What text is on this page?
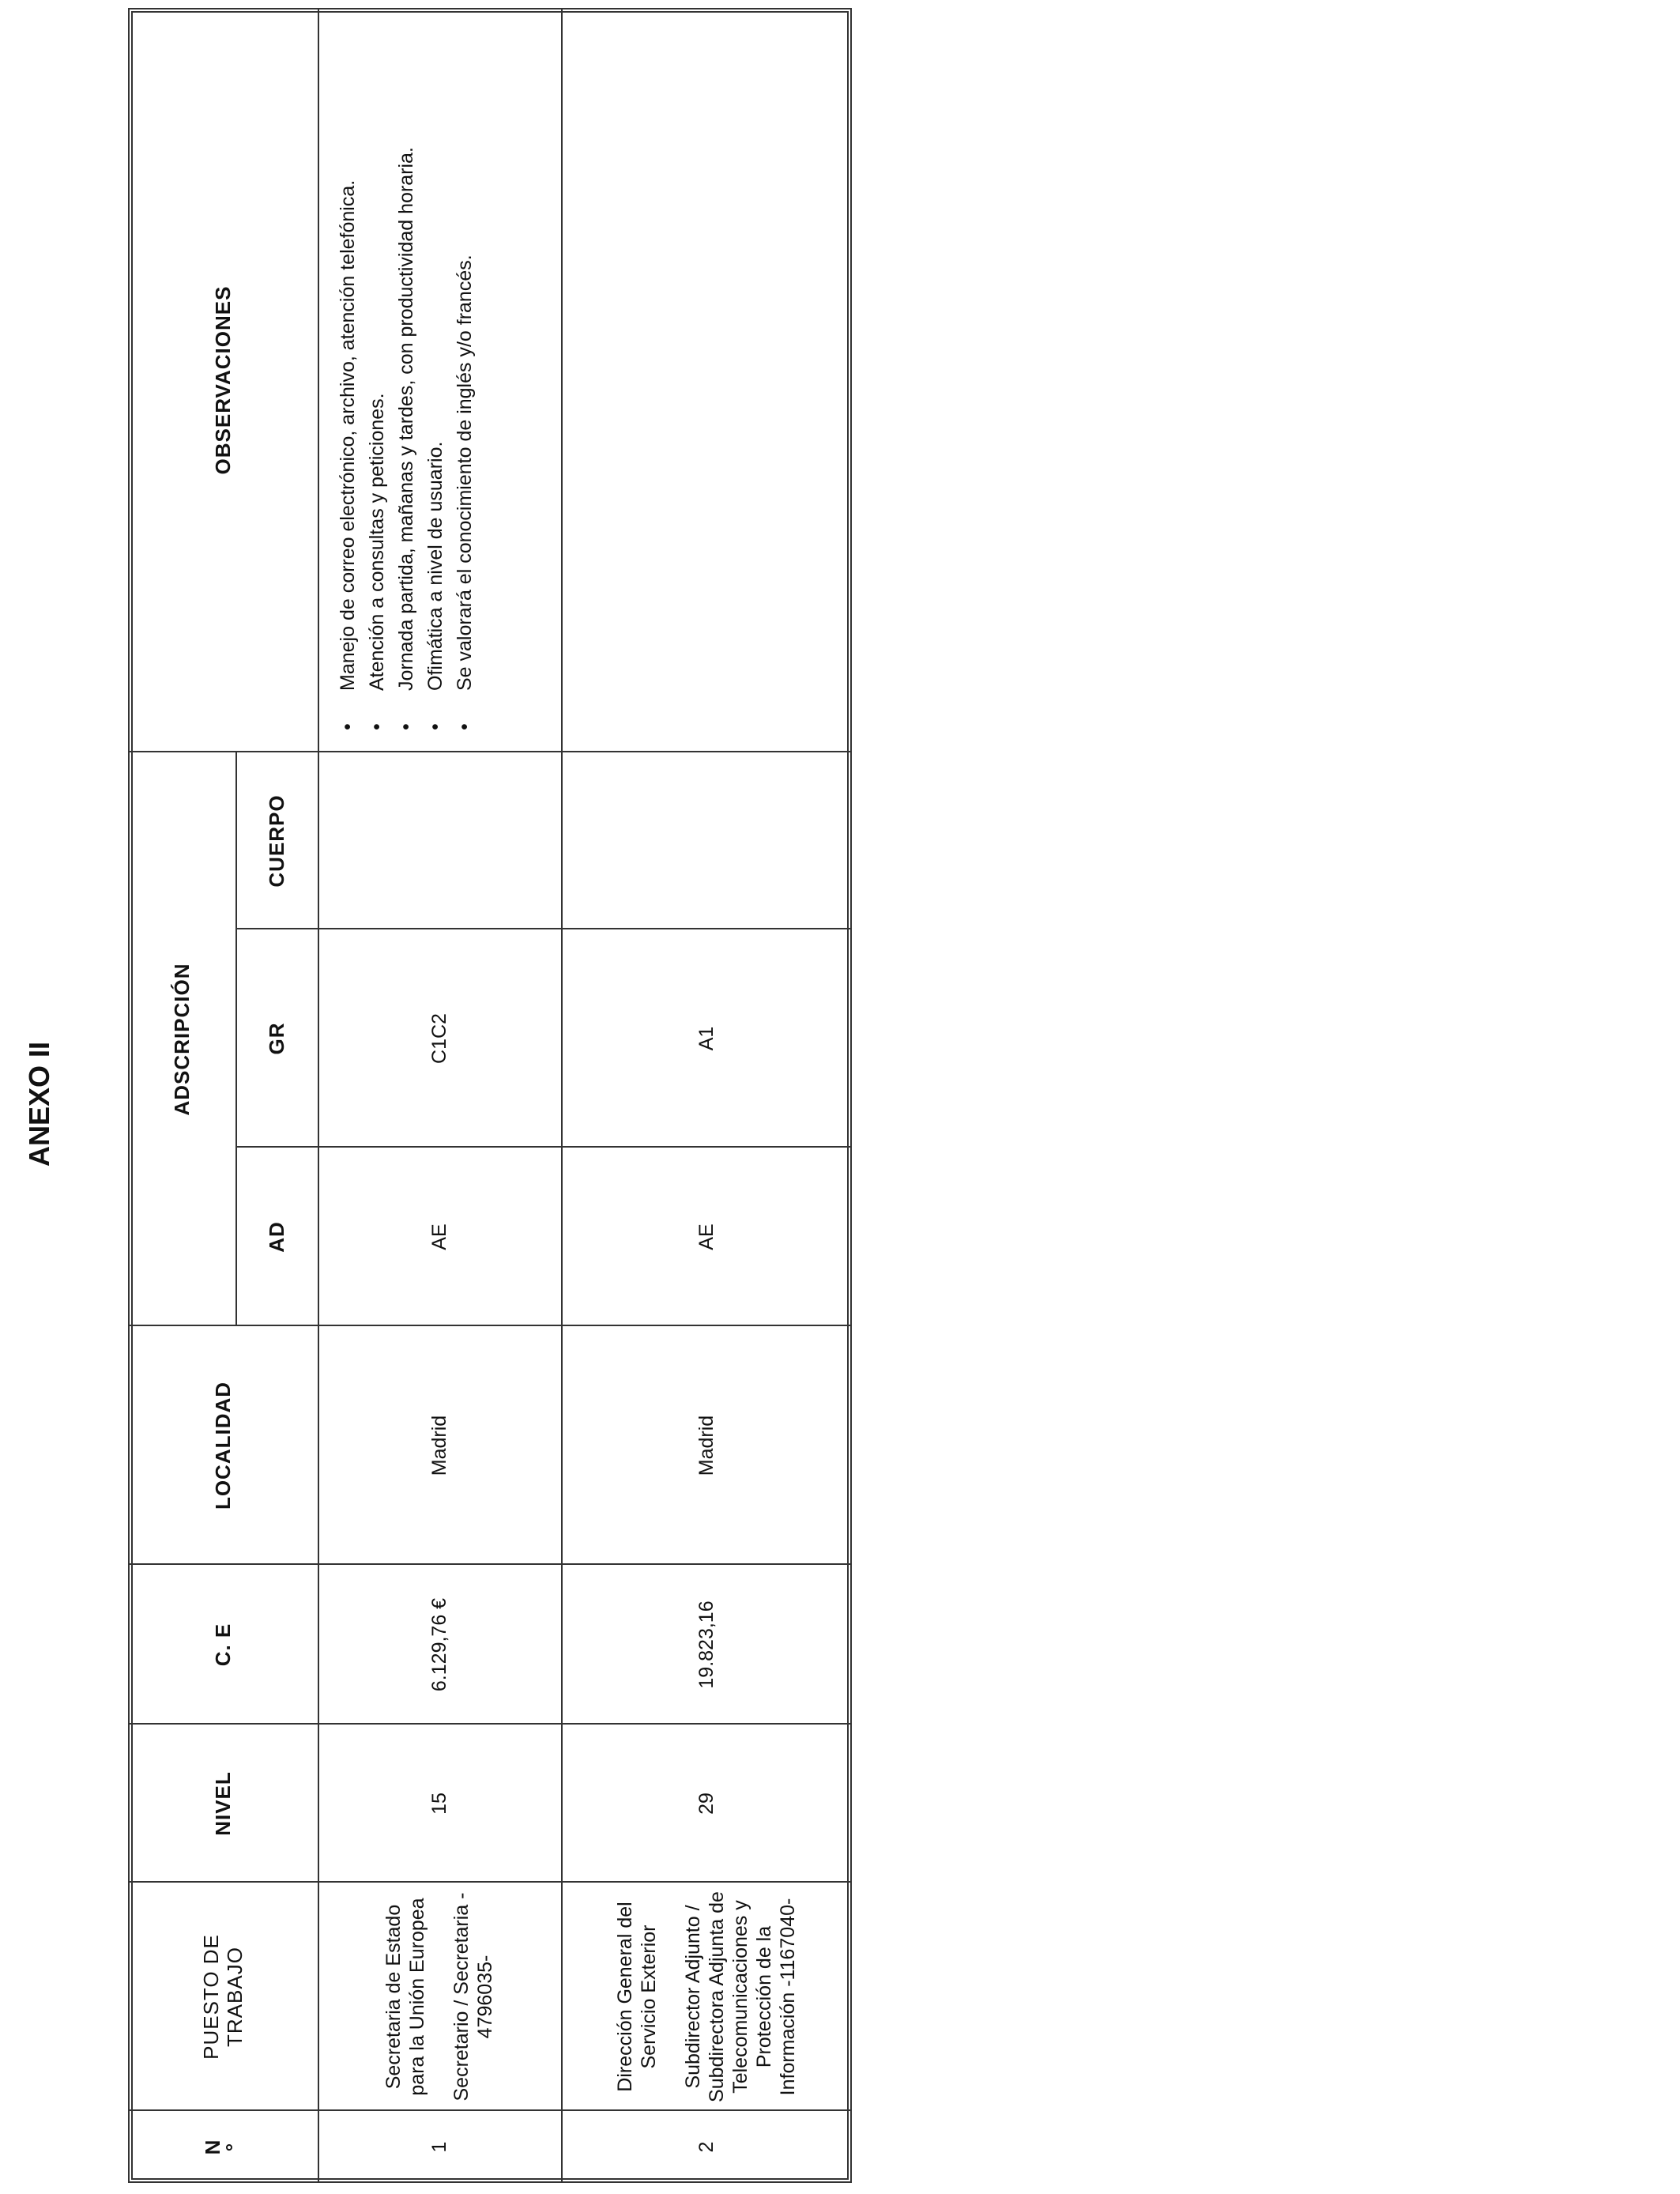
ANEXO II
N
°
PUESTO DE TRABAJO
NIVEL
C. E
LOCALIDAD
ADSCRIPCIÓN
AD
GR
CUERPO
OBSERVACIONES
1
Secretaria de Estado para la Unión Europea Secretario / Secretaria - 4796035-
15
6.129,76 €
Madrid
AE
C1C2
•
Manejo de correo electrónico, archivo, atención telefónica.
•
Atención a consultas y peticiones.
•
Jornada partida, mañanas y tardes, con productividad horaria.
•
Ofimática a nivel de usuario.
•
Se valorará el conocimiento de inglés y/o francés.
2
Dirección General del Servicio Exterior Subdirector Adjunto / Subdirectora Adjunta de Telecomunicaciones y Protección de la Información -1167040-
29
19.823,16
Madrid
AE
A1
